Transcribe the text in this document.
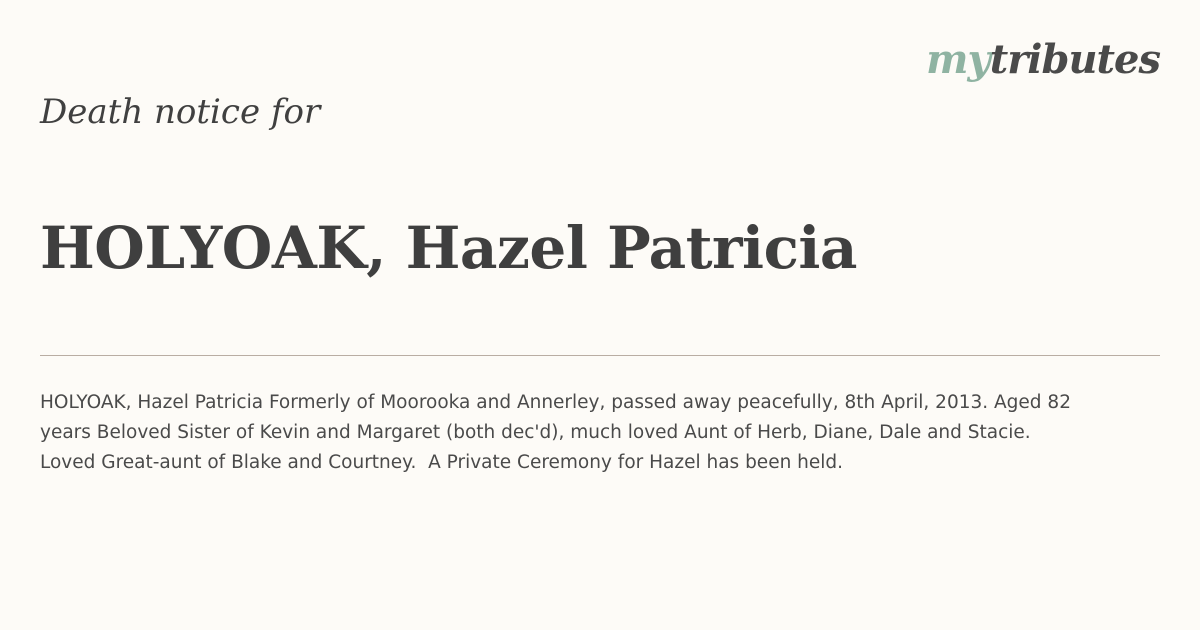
mytributes
Death notice for
HOLYOAK, Hazel Patricia

HOLYOAK, Hazel Patricia Formerly of Moorooka and Annerley, passed away peacefully, 8th April, 2013. Aged 82
years Beloved Sister of Kevin and Margaret (both dec'd), much loved Aunt of Herb, Diane, Dale and Stacie.
Loved Great-aunt of Blake and Courtney.  A Private Ceremony for Hazel has been held.
